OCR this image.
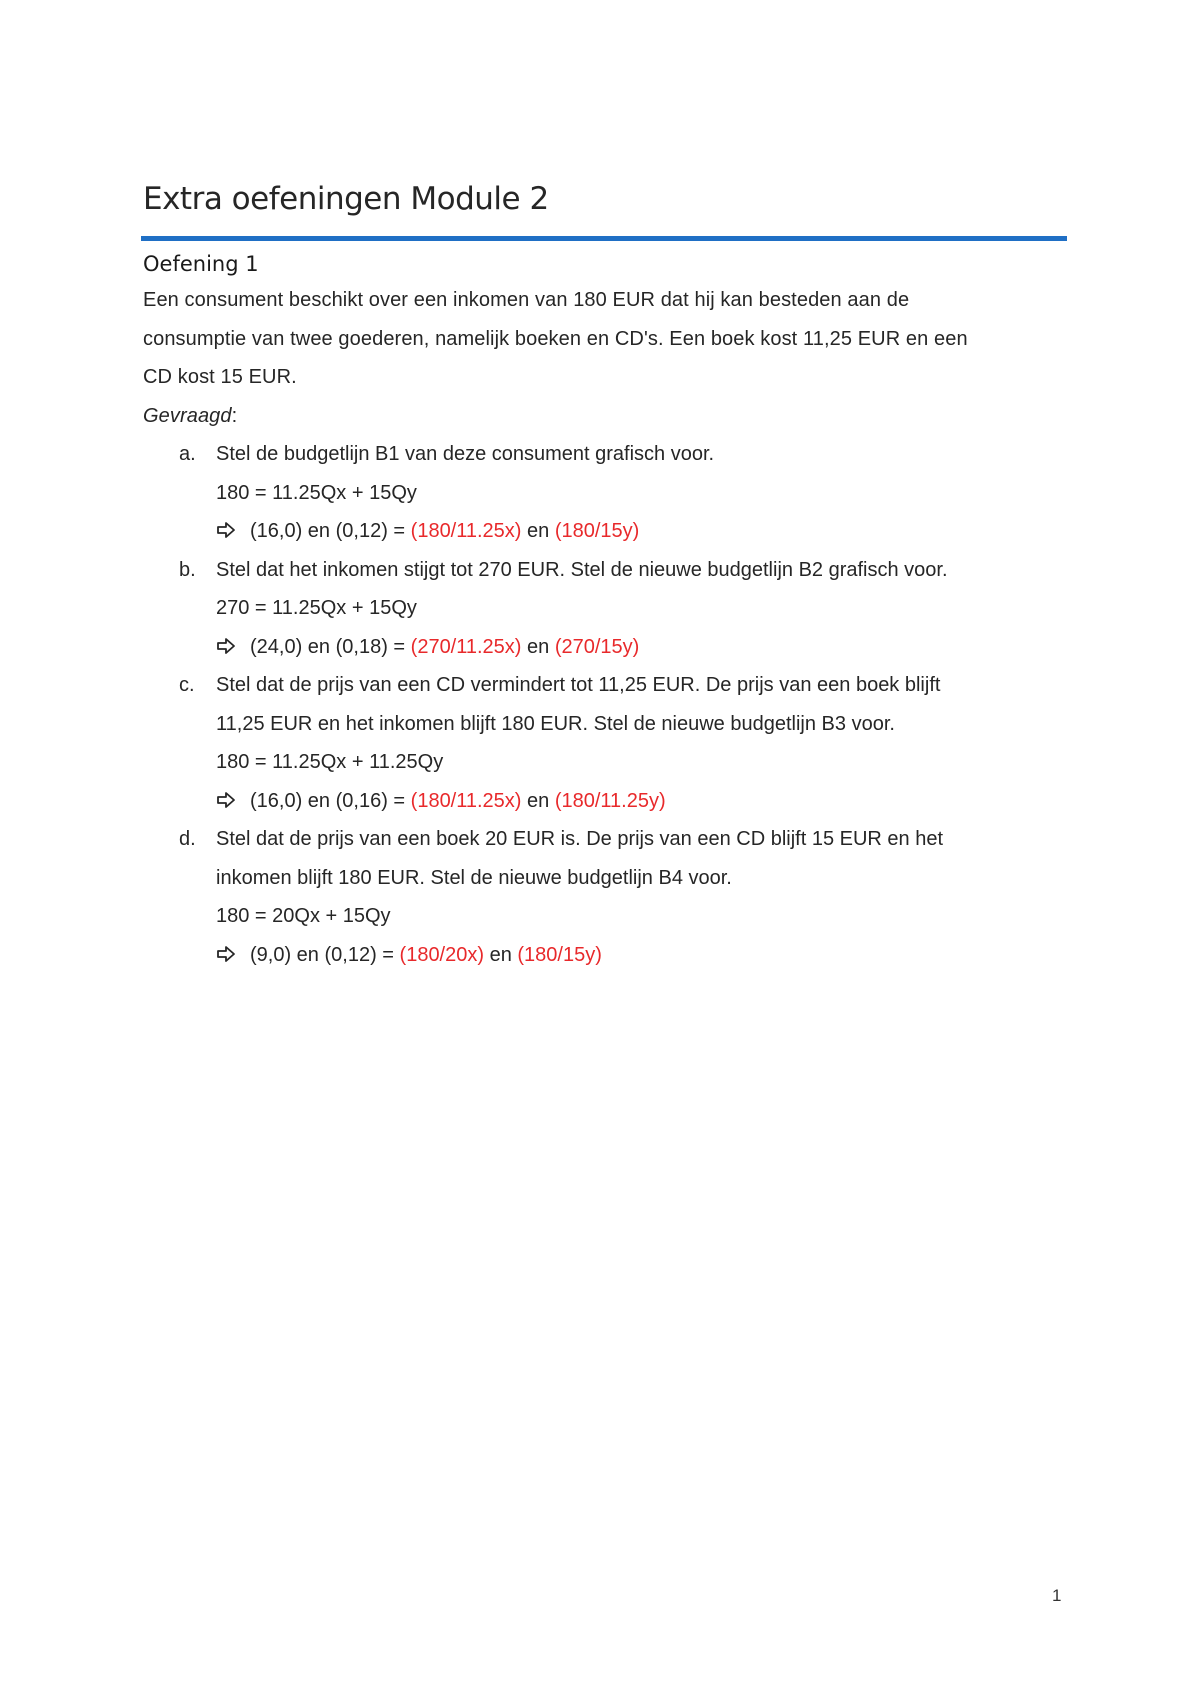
Extra oefeningen Module 2
Oefening 1

Een consument beschikt over een inkomen van 180 EUR dat hij kan besteden aan de

consumptie van twee goederen, namelijk boeken en CD's. Een boek kost 11,25 EUR en een

CD kost 15 EUR.

Gevraagd:

a. Stel de budgetlijn B1 van deze consument grafisch voor.
180 = 11.25Qx + 15Qy
(16,0) en (0,12) = (180/11.25x) en (180/15y)
b. Stel dat het inkomen stijgt tot 270 EUR. Stel de nieuwe budgetlijn B2 grafisch voor.
270 = 11.25Qx + 15Qy
(24,0) en (0,18) = (270/11.25x) en (270/15y)
c. Stel dat de prijs van een CD vermindert tot 11,25 EUR. De prijs van een boek blijft
11,25 EUR en het inkomen blijft 180 EUR. Stel de nieuwe budgetlijn B3 voor.
180 = 11.25Qx + 11.25Qy
(16,0) en (0,16) = (180/11.25x) en (180/11.25y)
d. Stel dat de prijs van een boek 20 EUR is. De prijs van een CD blijft 15 EUR en het
inkomen blijft 180 EUR. Stel de nieuwe budgetlijn B4 voor.
180 = 20Qx + 15Qy
(9,0) en (0,12) = (180/20x) en (180/15y)
1
